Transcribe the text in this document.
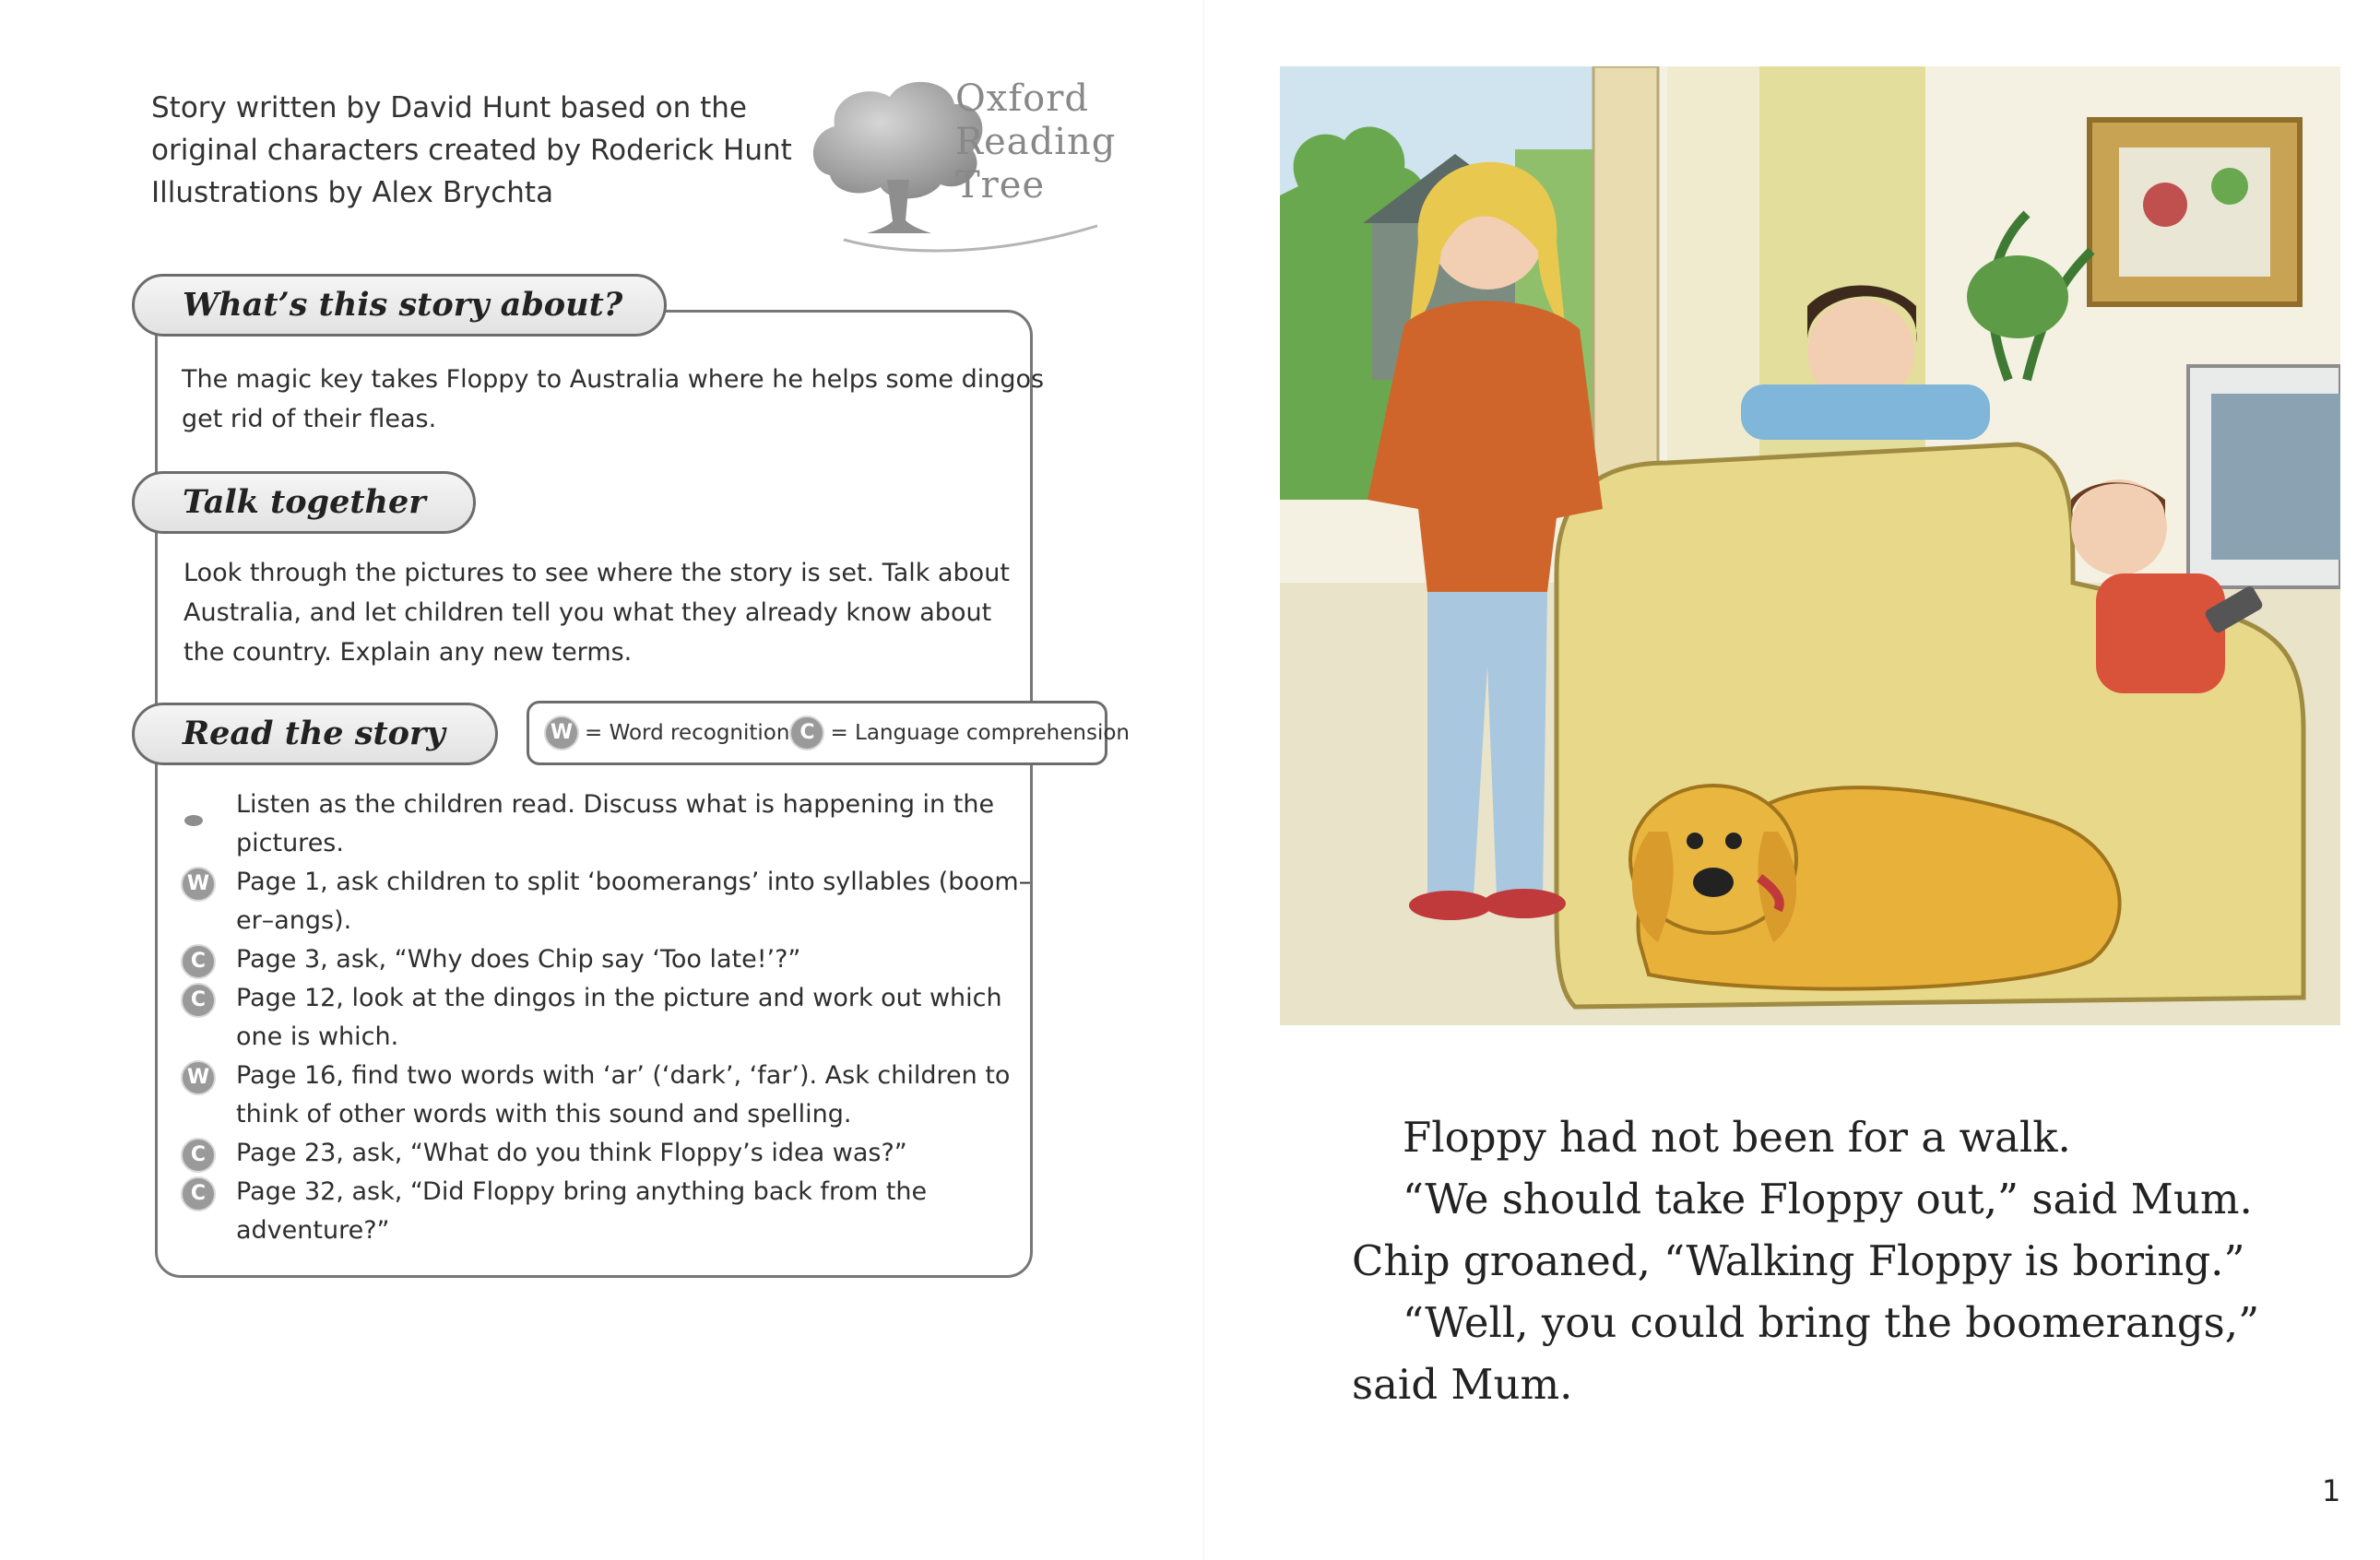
Story written by David Hunt based on the
original characters created by Roderick Hunt
Illustrations by Alex Brychta
Oxford
Reading
Tree
What’s this story about?
The magic key takes Floppy to Australia where he helps some dingos
get rid of their fleas.
Talk together
Look through the pictures to see where the story is set. Talk about
Australia, and let children tell you what they already know about
the country. Explain any new terms.
Read the story	W = Word recognition C = Language comprehension
Listen as the children read. Discuss what is happening in the
pictures.
W Page 1, ask children to split ‘boomerangs’ into syllables (boom–
er–angs).
C	Page 3, ask, “Why does Chip say ‘Too late!’?”
C	Page 12, look at the dingos in the picture and work out which
one is which.
W Page 16, find two words with ‘ar’ (‘dark’, ‘far’). Ask children to
think of other words with this sound and spelling.
C	Page 23, ask, “What do you think Floppy’s idea was?”
C	Page 32, ask, “Did Floppy bring anything back from the
adventure?”
Floppy had not been for a walk.
“We should take Floppy out,” said Mum.
Chip groaned, “Walking Floppy is boring.”
“Well, you could bring the boomerangs,”
said Mum.
1
